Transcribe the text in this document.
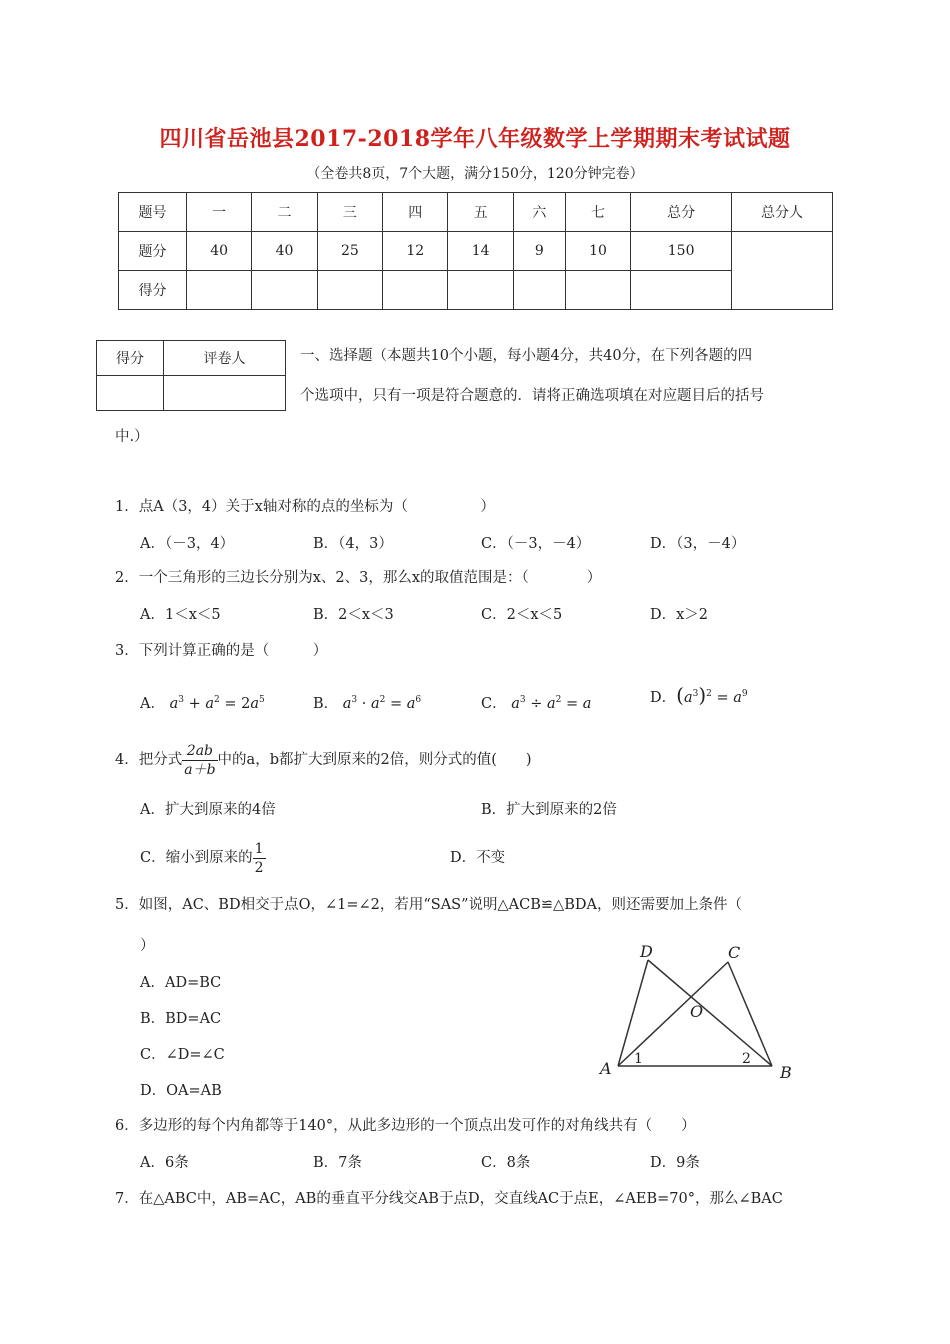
四川省岳池县2017-2018学年八年级数学上学期期末考试试题
（全卷共8页，7个大题，满分150分，120分钟完卷）
题号	一	二	三	四	五	六	七	总分	总分人
题分	40	40	25	12	14	9	10	150	
得分									
得分	评卷人
		一、选择题（本题共10个小题，每小题4分，共40分，在下列各题的四
个选项中，只有一项是符合题意的．请将正确选项填在对应题目后的括号
中.）
1．点A（3，4）关于x轴对称的点的坐标为（　　　　　）
A．（－3，4）	B．（4，3）	C．（－3，－4）	D．（3，－4）
2．一个三角形的三边长分别为x、2、3，那么x的取值范围是：（　　　　）
A．1＜x＜5	B．2＜x＜3	C．2＜x＜5	D．x＞2
3．下列计算正确的是（　　　）
A． $a^3 + a^2 = 2a^5$	B． $a^3 \cdot a^2 = a^6$	C． $a^3 \div a^2 = a$	D．$(a^3)^2 = a^9$
4．把分式 $\frac{2ab}{a+b}$ 中的a，b都扩大到原来的2倍，则分式的值(　　)
A．扩大到原来的4倍	B．扩大到原来的2倍
C．缩小到原来的 $\frac{1}{2}$	D．不变
5．如图，AC、BD相交于点O，∠1=∠2，若用“SAS”说明△ACB≌△BDA，则还需要加上条件（
）
A．AD=BC
B．BD=AC
C．∠D=∠C
D．OA=AB
D	C
O
A	B
1	2
6．多边形的每个内角都等于140°，从此多边形的一个顶点出发可作的对角线共有（　　）
A．6条	B．7条	C．8条	D．9条
7．在△ABC中，AB=AC，AB的垂直平分线交AB于点D，交直线AC于点E，∠AEB=70°，那么∠BAC
